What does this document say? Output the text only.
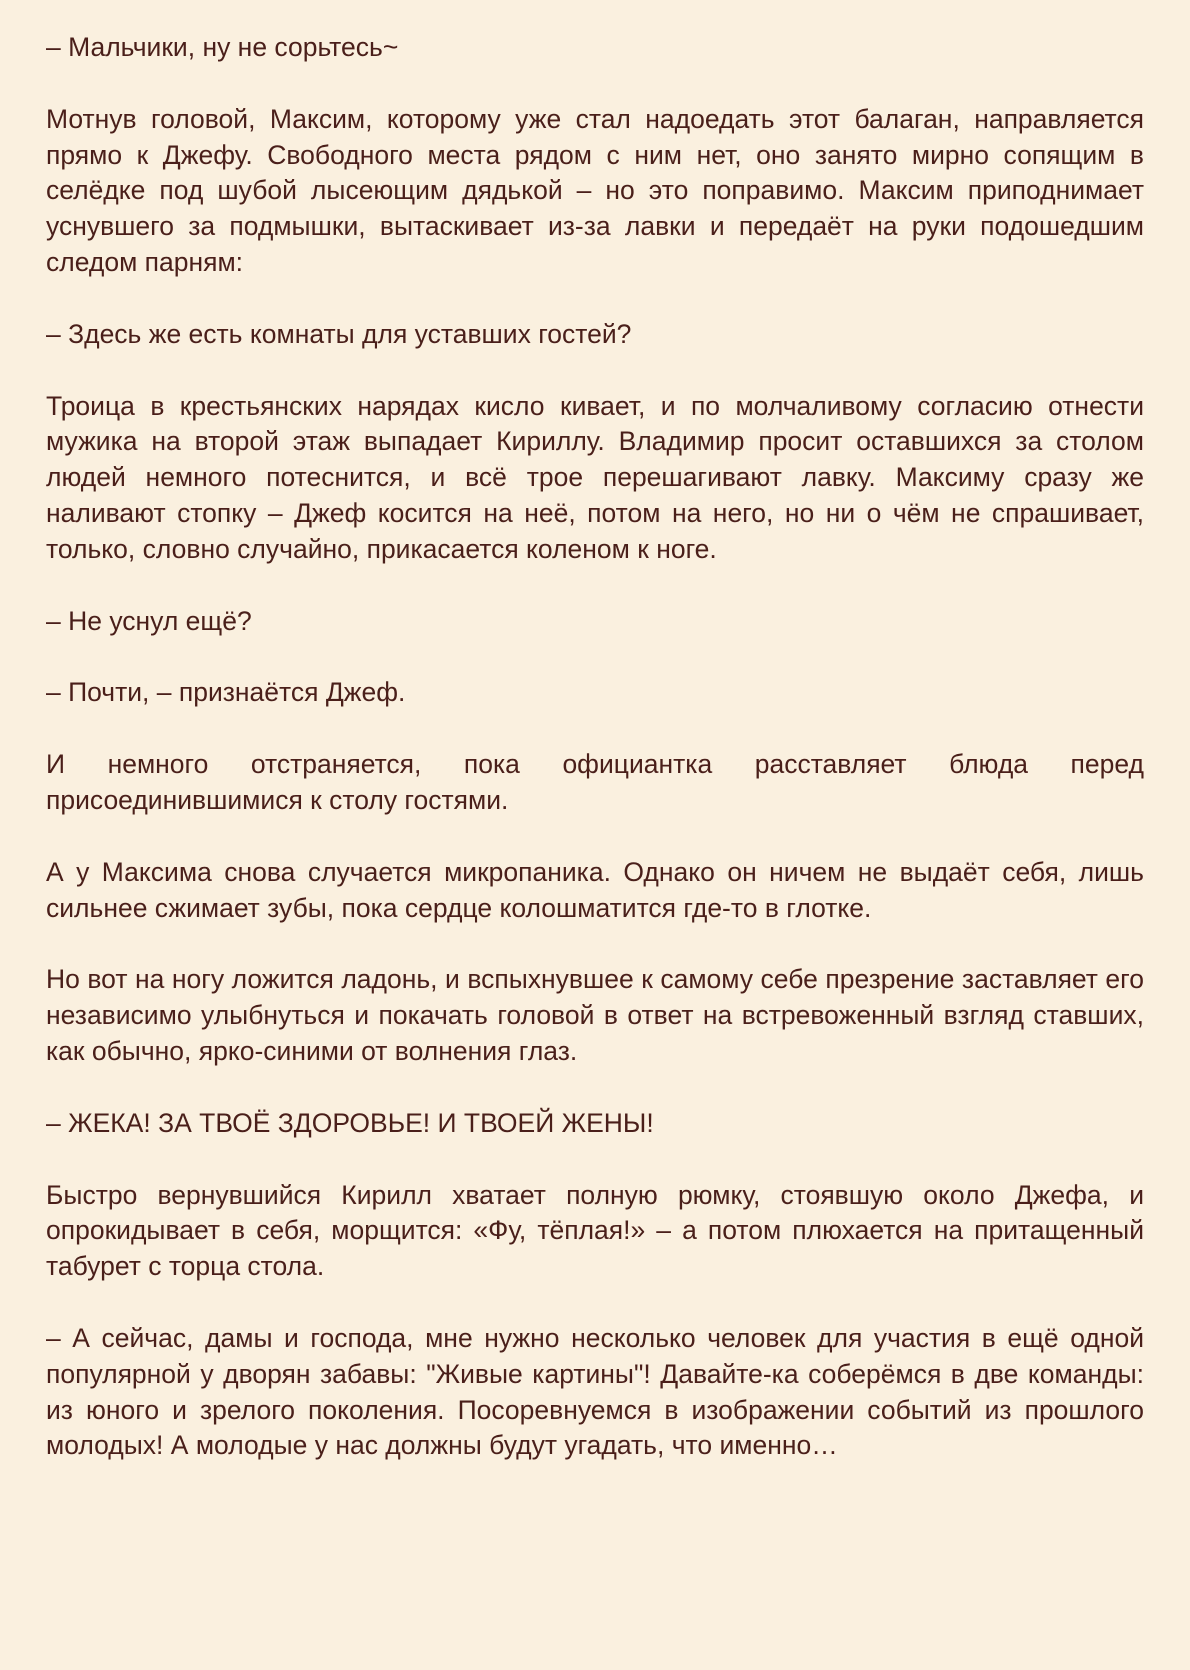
– Мальчики, ну не сорьтесь~

Мотнув головой, Максим, которому уже стал надоедать этот балаган, направляется прямо к Джефу. Свободного места рядом с ним нет, оно занято мирно сопящим в селёдке под шубой лысеющим дядькой – но это поправимо. Максим приподнимает уснувшего за подмышки, вытаскивает из-за лавки и передаёт на руки подошедшим следом парням:

– Здесь же есть комнаты для уставших гостей?

Троица в крестьянских нарядах кисло кивает, и по молчаливому согласию отнести мужика на второй этаж выпадает Кириллу. Владимир просит оставшихся за столом людей немного потеснится, и всё трое перешагивают лавку. Максиму сразу же наливают стопку – Джеф косится на неё, потом на него, но ни о чём не спрашивает, только, словно случайно, прикасается коленом к ноге.

– Не уснул ещё?

– Почти, – признаётся Джеф.

И немного отстраняется, пока официантка расставляет блюда перед присоединившимися к столу гостями.

А у Максима снова случается микропаника. Однако он ничем не выдаёт себя, лишь сильнее сжимает зубы, пока сердце колошматится где-то в глотке.

Но вот на ногу ложится ладонь, и вспыхнувшее к самому себе презрение заставляет его независимо улыбнуться и покачать головой в ответ на встревоженный взгляд ставших, как обычно, ярко-синими от волнения глаз.

– ЖЕКА! ЗА ТВОЁ ЗДОРОВЬЕ! И ТВОЕЙ ЖЕНЫ!

Быстро вернувшийся Кирилл хватает полную рюмку, стоявшую около Джефа, и опрокидывает в себя, морщится: «Фу, тёплая!» – а потом плюхается на притащенный табурет с торца стола.

– А сейчас, дамы и господа, мне нужно несколько человек для участия в ещё одной популярной у дворян забавы: "Живые картины"! Давайте-ка соберёмся в две команды: из юного и зрелого поколения. Посоревнуемся в изображении событий из прошлого молодых! А молодые у нас должны будут угадать, что именно…
